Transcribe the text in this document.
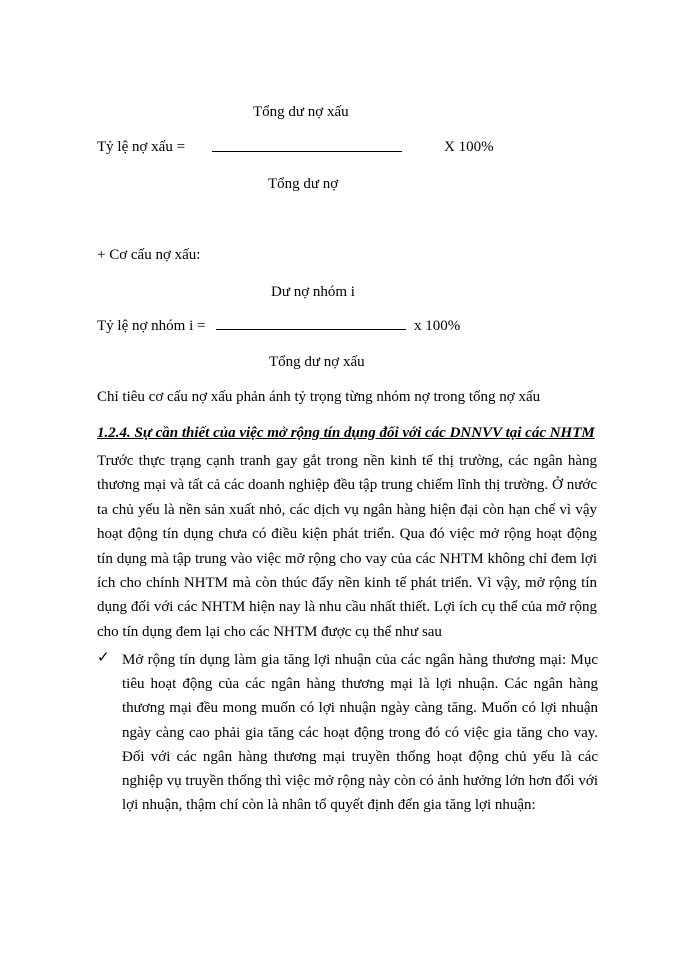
Tổng dư nợ xấu
Tỷ lệ nợ xấu =	X 100%
Tổng dư nợ
+ Cơ cấu nợ xấu:
Dư nợ nhóm i
Tỷ lệ nợ nhóm i =	x 100%
Tổng dư nợ xấu
Chỉ tiêu cơ cấu nợ xấu phản ánh tỷ trọng từng nhóm nợ trong tổng nợ xấu
1.2.4. Sự cần thiết của việc mở rộng tín dụng đối với các DNNVV tại các NHTM
Trước thực trạng cạnh tranh gay gắt trong nền kinh tế thị trường, các ngân hàng thương mại và tất cả các doanh nghiệp đều tập trung chiếm lĩnh thị trường. Ở nước ta chủ yếu là nền sản xuất nhỏ, các dịch vụ ngân hàng hiện đại còn hạn chế vì vậy hoạt động tín dụng chưa có điều kiện phát triển. Qua đó việc mở rộng hoạt động tín dụng mà tập trung vào việc mở rộng cho vay của các NHTM không chỉ đem lợi ích cho chính NHTM mà còn thúc đẩy nền kinh tế phát triển. Vì vậy, mở rộng tín dụng đối với các NHTM hiện nay là nhu cầu nhất thiết. Lợi ích cụ thể của mở rộng cho tín dụng đem lại cho các NHTM được cụ thể như sau
✓ Mở rộng tín dụng làm gia tăng lợi nhuận của các ngân hàng thương mại: Mục tiêu hoạt động của các ngân hàng thương mại là lợi nhuận. Các ngân hàng thương mại đều mong muốn có lợi nhuận ngày càng tăng. Muốn có lợi nhuận ngày càng cao phải gia tăng các hoạt động trong đó có việc gia tăng cho vay. Đối với các ngân hàng thương mại truyền thống hoạt động chủ yếu là các nghiệp vụ truyền thống thì việc mở rộng này còn có ảnh hưởng lớn hơn đối với lợi nhuận, thậm chí còn là nhân tố quyết định đến gia tăng lợi nhuận:
